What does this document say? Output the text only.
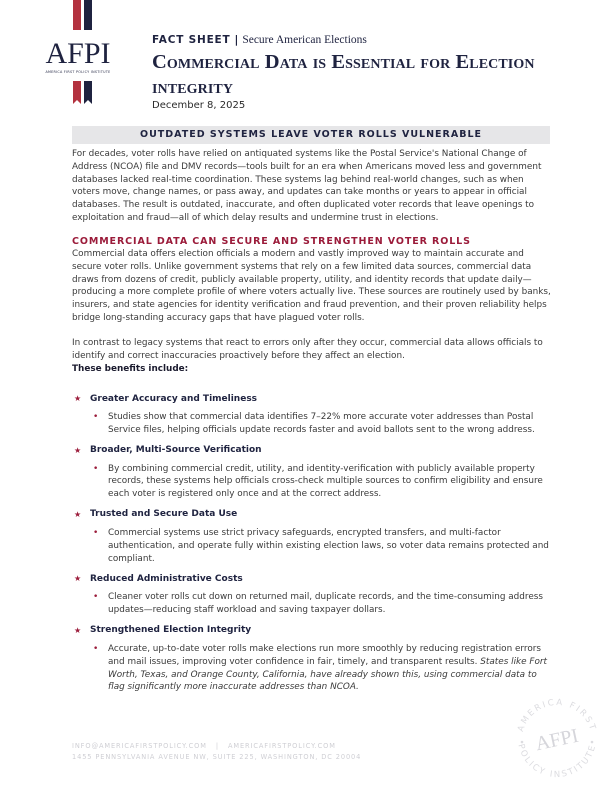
AFPI
AMERICA FIRST POLICY INSTITUTE
FACT SHEET | Secure American Elections
Commercial Data is Essential for Election integrity
December 8, 2025
OUTDATED SYSTEMS LEAVE VOTER ROLLS VULNERABLE
For decades, voter rolls have relied on antiquated systems like the Postal Service's National Change of Address (NCOA) file and DMV records—tools built for an era when Americans moved less and government databases lacked real-time coordination. These systems lag behind real-world changes, such as when voters move, change names, or pass away, and updates can take months or years to appear in official databases. The result is outdated, inaccurate, and often duplicated voter records that leave openings to exploitation and fraud—all of which delay results and undermine trust in elections.
COMMERCIAL DATA CAN SECURE AND STRENGTHEN VOTER ROLLS
Commercial data offers election officials a modern and vastly improved way to maintain accurate and secure voter rolls. Unlike government systems that rely on a few limited data sources, commercial data draws from dozens of credit, publicly available property, utility, and identity records that update daily—producing a more complete profile of where voters actually live. These sources are routinely used by banks, insurers, and state agencies for identity verification and fraud prevention, and their proven reliability helps bridge long-standing accuracy gaps that have plagued voter rolls.
In contrast to legacy systems that react to errors only after they occur, commercial data allows officials to identify and correct inaccuracies proactively before they affect an election.
These benefits include:
★ Greater Accuracy and Timeliness
•	Studies show that commercial data identifies 7–22% more accurate voter addresses than Postal Service files, helping officials update records faster and avoid ballots sent to the wrong address.
★ Broader, Multi-Source Verification
•	By combining commercial credit, utility, and identity-verification with publicly available property records, these systems help officials cross-check multiple sources to confirm eligibility and ensure each voter is registered only once and at the correct address.
★ Trusted and Secure Data Use
•	Commercial systems use strict privacy safeguards, encrypted transfers, and multi-factor authentication, and operate fully within existing election laws, so voter data remains protected and compliant.
★ Reduced Administrative Costs
•	Cleaner voter rolls cut down on returned mail, duplicate records, and the time-consuming address updates—reducing staff workload and saving taxpayer dollars.
★ Strengthened Election Integrity
•	Accurate, up-to-date voter rolls make elections run more smoothly by reducing registration errors and mail issues, improving voter confidence in fair, timely, and transparent results. States like Fort Worth, Texas, and Orange County, California, have already shown this, using commercial data to flag significantly more inaccurate addresses than NCOA.
INFO@AMERICAFIRSTPOLICY.COM | AMERICAFIRSTPOLICY.COM
1455 PENNSYLVANIA AVENUE NW, SUITE 225, WASHINGTON, DC 20004
AMERICA FIRST
POLICY INSTITUTE
AFPI
